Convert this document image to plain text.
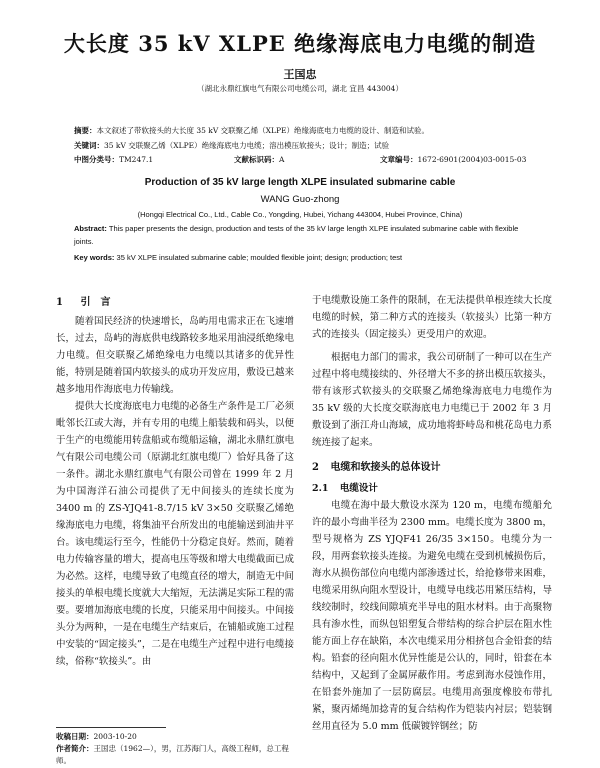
大长度 35 kV XLPE 绝缘海底电力电缆的制造
王国忠
（湖北永鼎红旗电气有限公司电缆公司，湖北 宜昌 443004）
摘要：本文叙述了带软接头的大长度 35 kV 交联聚乙烯（XLPE）绝缘海底电力电缆的设计、制造和试验。
关键词：35 kV 交联聚乙烯（XLPE）绝缘海底电力电缆；溶出模压软接头；设计；制造；试验
中图分类号：TM247.1	文献标识码：A	文章编号：1672-6901(2004)03-0015-03
Production of 35 kV large length XLPE insulated submarine cable
WANG Guo-zhong
(Hongqi Electrical Co., Ltd., Cable Co., Yongding, Hubei, Yichang 443004, Hubei Province, China)
Abstract: This paper presents the design, production and tests of the 35 kV large length XLPE insulated submarine cable with flexible joints.
Key words: 35 kV XLPE insulated submarine cable; moulded flexible joint; design; production; test
1 引　言

随着国民经济的快速增长，岛屿用电需求正在飞速增长，过去，岛屿的海底供电线路较多地采用油浸纸绝缘电力电缆。但交联聚乙烯绝缘电力电缆以其诸多的优异性能，特别是随着国内软接头的成功开发应用，敷设已越来越多地用作海底电力传输线。

提供大长度海底电力电缆的必备生产条件是工厂必须毗邻长江或大海，并有专用的电缆上船装载和码头，以便于生产的电缆能用转盘船或布缆船运输，湖北永鼎红旗电气有限公司电缆公司（原湖北红旗电缆厂）恰好具备了这一条件。湖北永鼎红旗电气有限公司曾在 1999 年 2 月为中国海洋石油公司提供了无中间接头的连续长度为 3400 m 的 ZS-YJQ41-8.7/15 kV 3×50 交联聚乙烯绝缘海底电力电缆，将集油平台所发出的电能输送到油井平台。该电缆运行至今，性能仍十分稳定良好。然而，随着电力传输容量的增大，提高电压等级和增大电缆截面已成为必然。这样，电缆导致了电缆直径的增大，制造无中间接头的单根电缆长度就大大缩短，无法满足实际工程的需要。要增加海底电缆的长度，只能采用中间接头。中间接头分为两种，一是在电缆生产结束后，在铺船或施工过程中安装的“固定接头”，二是在电缆生产过程中进行电缆接续，俗称“软接头”。由

于电缆敷设施工条件的限制，在无法提供单根连续大长度电缆的时候，第二种方式的连接头（软接头）比第一种方式的连接头（固定接头）更受用户的欢迎。

根据电力部门的需求，我公司研制了一种可以在生产过程中将电缆接续的、外径增大不多的挤出模压软接头，带有该形式软接头的交联聚乙烯绝缘海底电力电缆作为 35 kV 级的大长度交联海底电力电缆已于 2002 年 3 月敷设到了浙江舟山海域，成功地将虾峙岛和桃花岛电力系统连接了起来。

2 电缆和软接头的总体设计
2.1 电缆设计

电缆在海中最大敷设水深为 120 m，电缆布缆船允许的最小弯曲半径为 2300 mm。电缆长度为 3800 m，型号规格为 ZS YJQF41 26/35 3×150。电缆分为一段，用两套软接头连接。为避免电缆在受到机械损伤后，海水从损伤部位向电缆内部渗透过长，给抢修带来困难，电缆采用纵向阻水型设计，电缆导电线芯用紧压结构，导线绞制时，绞线间隙填充半导电的阻水材料。由于高聚物具有渗水性，而纵包铝塑复合带结构的综合护层在阻水性能方面上存在缺陷，本次电缆采用分相挤包合金铅套的结构。铅套的径向阻水优异性能是公认的，同时，铅套在本结构中，又起到了金属屏蔽作用。考虑到海水侵蚀作用，在铅套外施加了一层防腐层。电缆用高强度橡胶布带扎紧，聚丙烯绳加捻青的复合结构作为铠装内衬层；铠装钢丝用直径为 5.0 mm 低碳镀锌钢丝；防

收稿日期：2003-10-20
作者简介：王国忠（1962—），男，江苏海门人，高级工程师，总工程师。
